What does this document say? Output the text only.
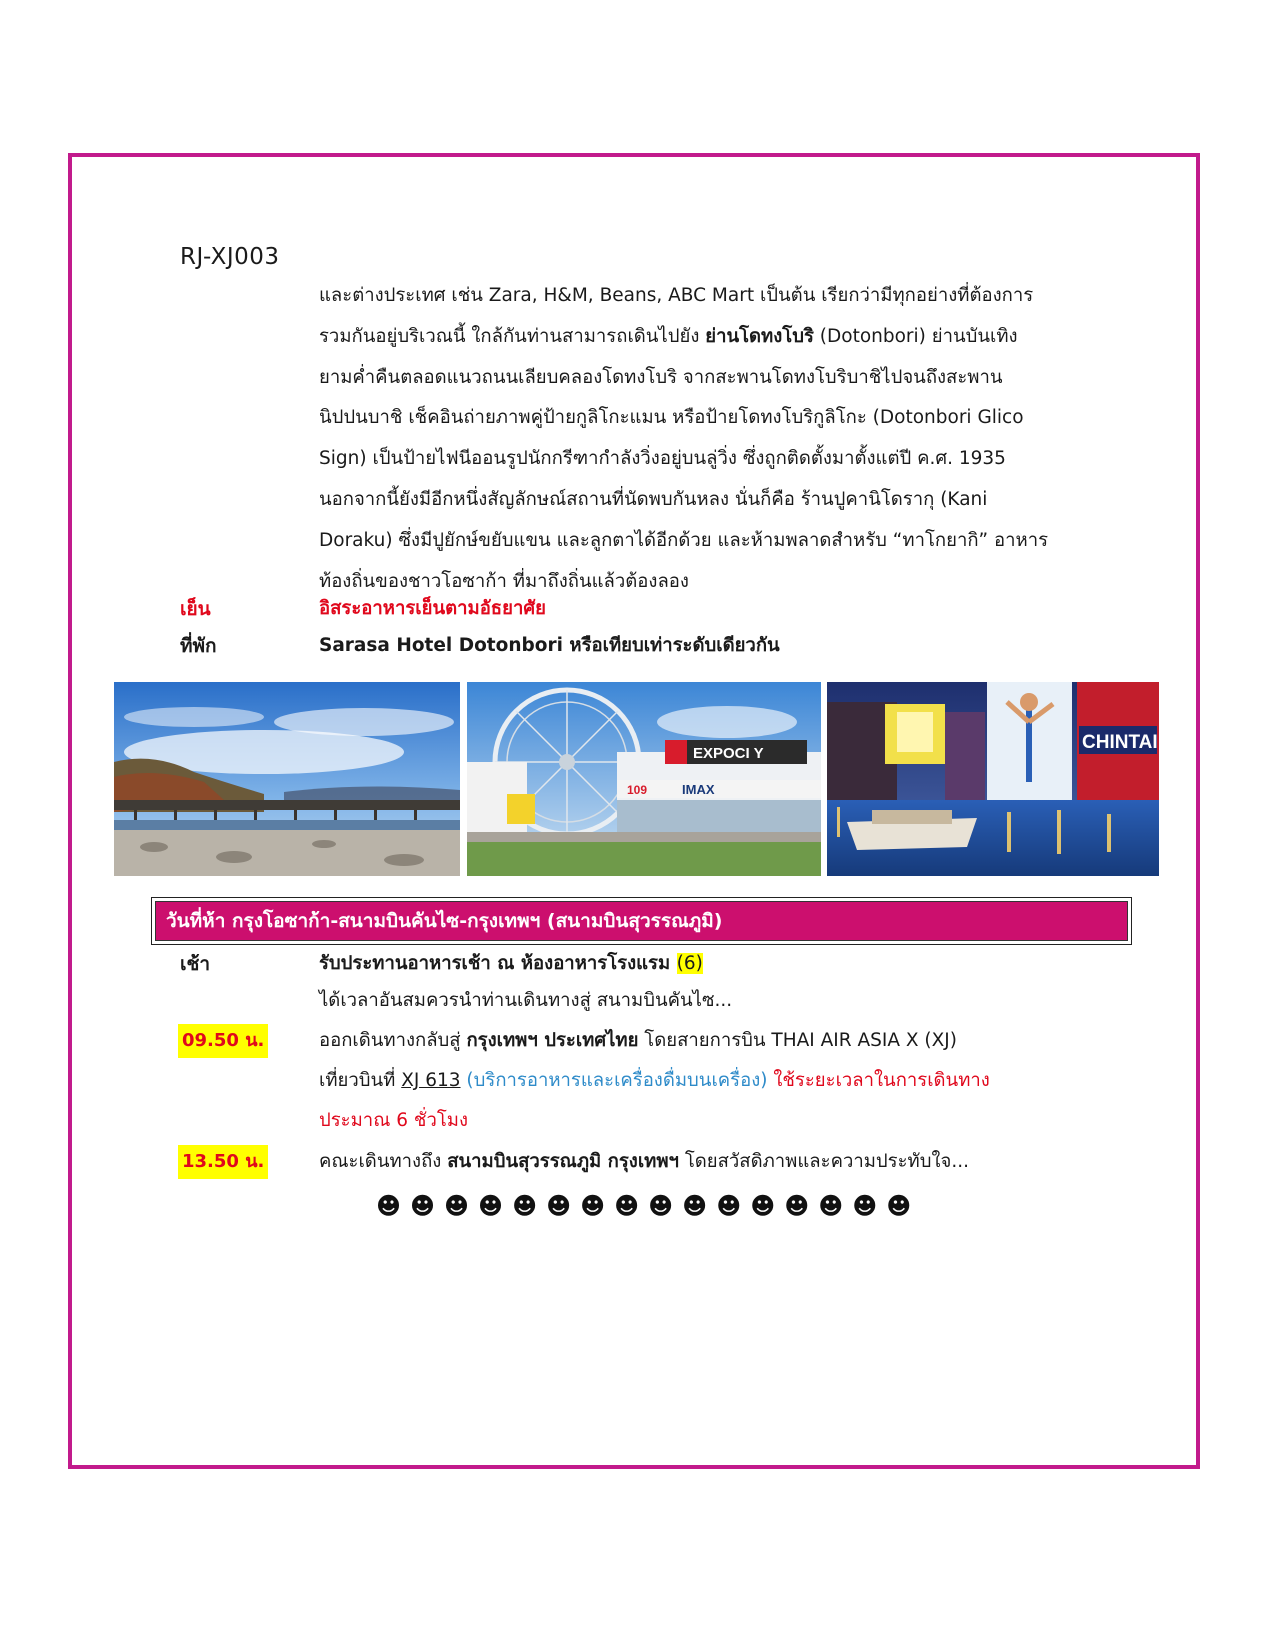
RJ-XJ003
และต่างประเทศ เช่น Zara, H&M, Beans, ABC Mart เป็นต้น เรียกว่ามีทุกอย่างที่ต้องการ
รวมกันอยู่บริเวณนี้ ใกล้กันท่านสามารถเดินไปยัง ย่านโดทงโบริ (Dotonbori) ย่านบันเทิง
ยามค่ำคืนตลอดแนวถนนเลียบคลองโดทงโบริ จากสะพานโดทงโบริบาชิไปจนถึงสะพาน
นิปปนบาชิ เช็คอินถ่ายภาพคู่ป้ายกูลิโกะแมน หรือป้ายโดทงโบริกูลิโกะ (Dotonbori Glico
Sign) เป็นป้ายไฟนีออนรูปนักกรีฑากำลังวิ่งอยู่บนลู่วิ่ง ซึ่งถูกติดตั้งมาตั้งแต่ปี ค.ศ. 1935
นอกจากนี้ยังมีอีกหนึ่งสัญลักษณ์สถานที่นัดพบกันหลง นั่นก็คือ ร้านปูคานิโดรากุ (Kani
Doraku) ซึ่งมีปูยักษ์ขยับแขน และลูกตาได้อีกด้วย และห้ามพลาดสำหรับ “ทาโกยากิ” อาหาร
ท้องถิ่นของชาวโอซาก้า ที่มาถึงถิ่นแล้วต้องลอง
เย็น	อิสระอาหารเย็นตามอัธยาศัย
ที่พัก	Sarasa Hotel Dotonbori หรือเทียบเท่าระดับเดียวกัน
EXPOCI Y
109	IMAX
CHINTAI
วันที่ห้า กรุงโอซาก้า-สนามบินคันไซ-กรุงเทพฯ (สนามบินสุวรรณภูมิ)
เช้า	รับประทานอาหารเช้า ณ ห้องอาหารโรงแรม (6)
ได้เวลาอันสมควรนำท่านเดินทางสู่ สนามบินคันไซ...
09.50 น.	ออกเดินทางกลับสู่ กรุงเทพฯ ประเทศไทย โดยสายการบิน THAI AIR ASIA X (XJ)
เที่ยวบินที่ XJ 613 (บริการอาหารและเครื่องดื่มบนเครื่อง) ใช้ระยะเวลาในการเดินทาง
ประมาณ 6 ชั่วโมง
13.50 น.	คณะเดินทางถึง สนามบินสุวรรณภูมิ กรุงเทพฯ โดยสวัสดิภาพและความประทับใจ...
☻☻☻☻☻☻☻☻☻☻☻☻☻☻☻☻
